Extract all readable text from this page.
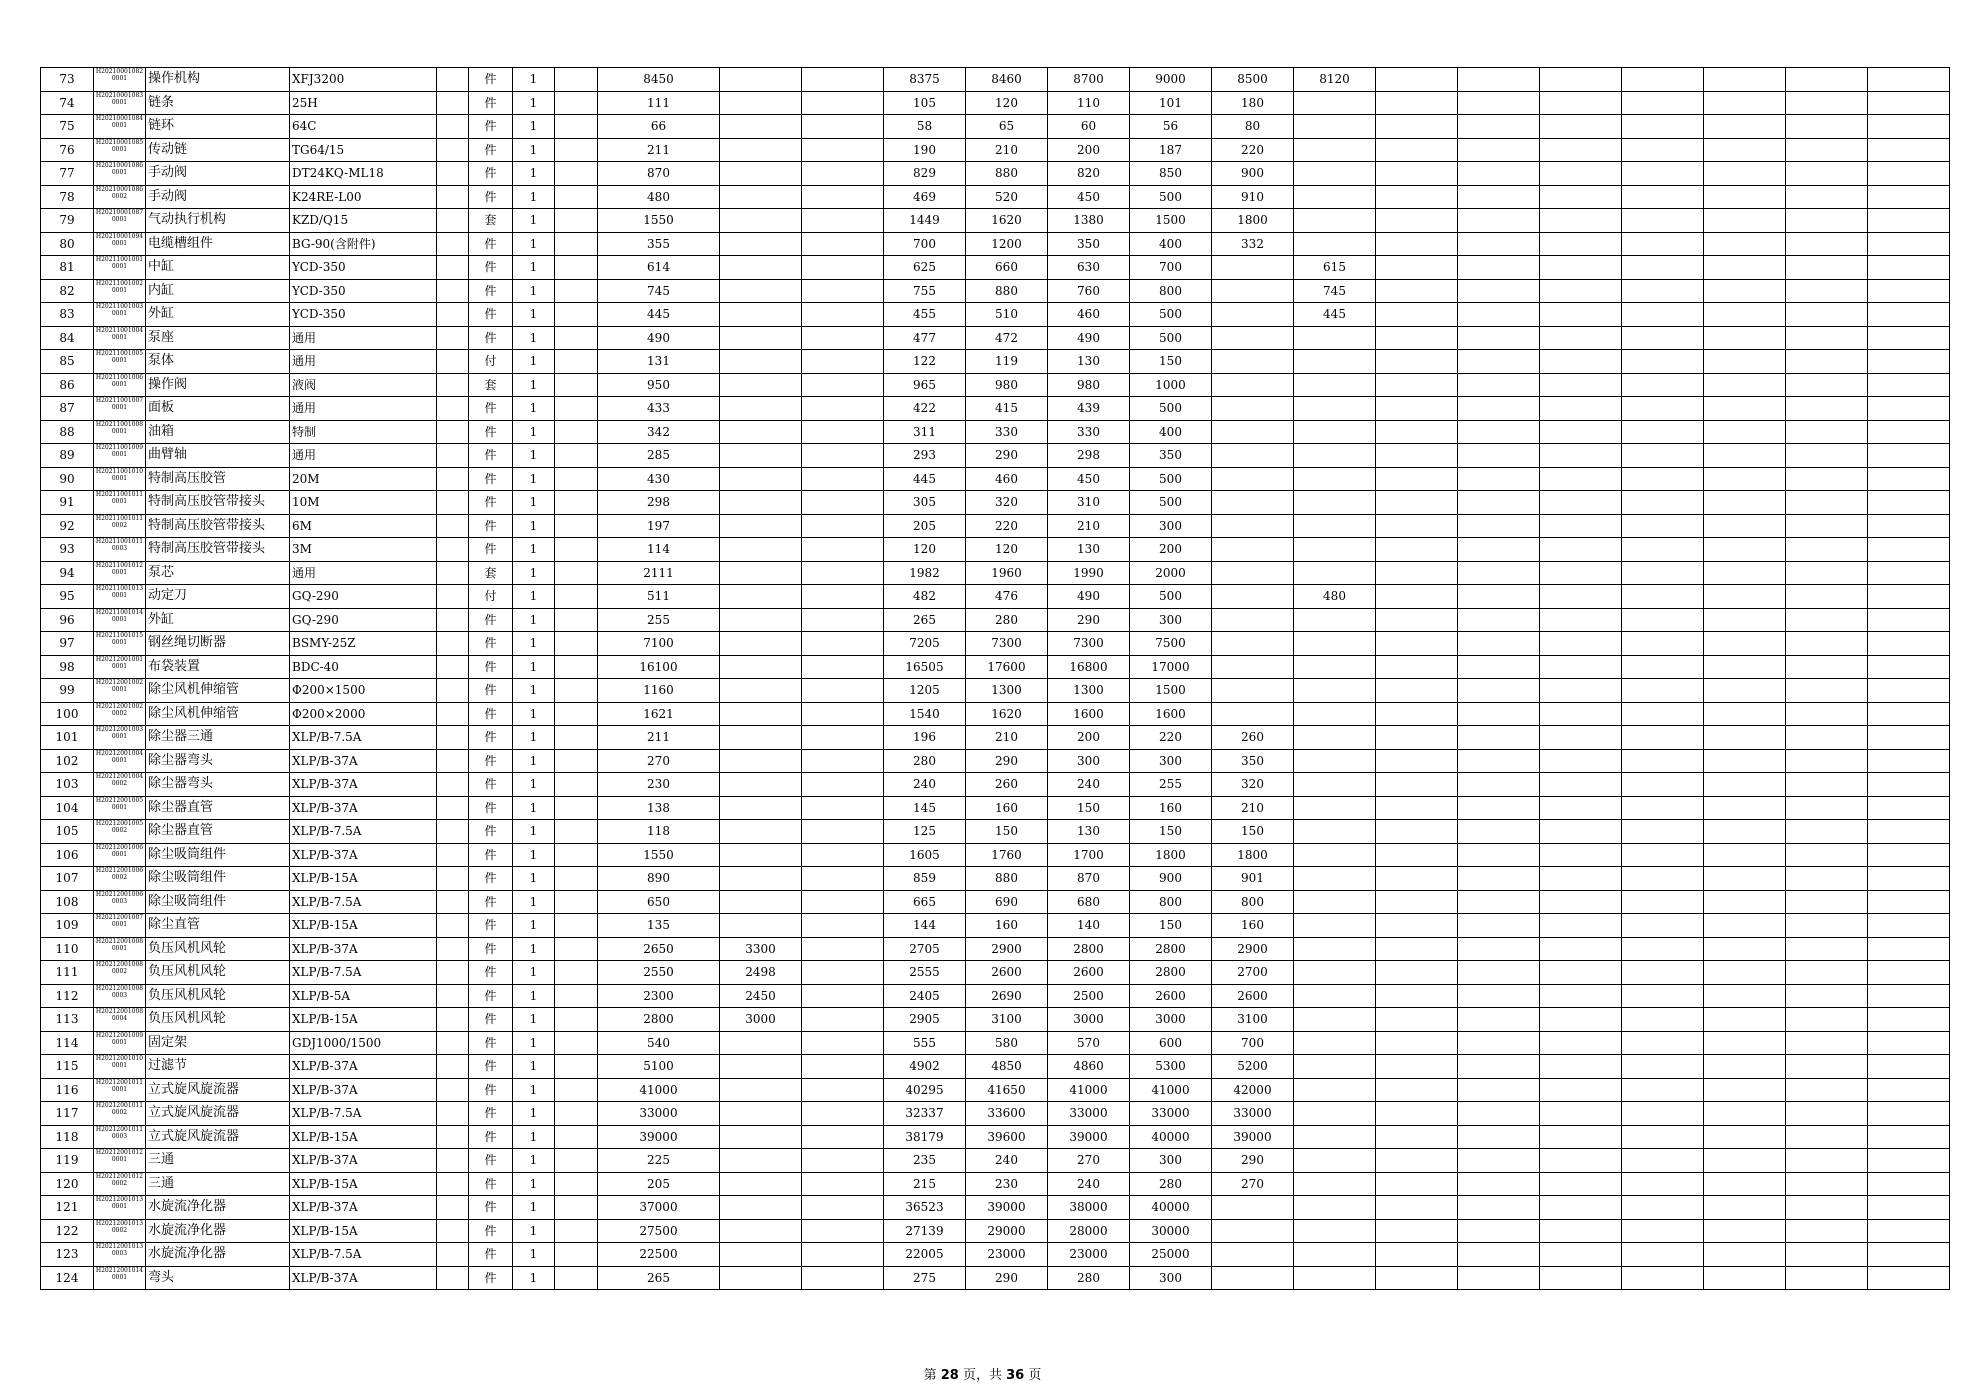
73	H202100010820001	操作机构	XFJ3200		件	1		8450			8375	8460	8700	9000	8500	8120							
74	H202100010830001	链条	25H		件	1		111			105	120	110	101	180								
75	H202100010840001	链环	64C		件	1		66			58	65	60	56	80								
76	H202100010850001	传动链	TG64/15		件	1		211			190	210	200	187	220								
77	H202100010860001	手动阀	DT24KQ-ML18		件	1		870			829	880	820	850	900								
78	H202100010860002	手动阀	K24RE-L00		件	1		480			469	520	450	500	910								
79	H202100010870001	气动执行机构	KZD/Q15		套	1		1550			1449	1620	1380	1500	1800								
80	H202100010940001	电缆槽组件	BG-90(含附件)		件	1		355			700	1200	350	400	332								
81	H202110010010001	中缸	YCD-350		件	1		614			625	660	630	700		615							
82	H202110010020001	内缸	YCD-350		件	1		745			755	880	760	800		745							
83	H202110010030001	外缸	YCD-350		件	1		445			455	510	460	500		445							
84	H202110010040001	泵座	通用		件	1		490			477	472	490	500									
85	H202110010050001	泵体	通用		付	1		131			122	119	130	150									
86	H202110010060001	操作阀	液阀		套	1		950			965	980	980	1000									
87	H202110010070001	面板	通用		件	1		433			422	415	439	500									
88	H202110010080001	油箱	特制		件	1		342			311	330	330	400									
89	H202110010090001	曲臂轴	通用		件	1		285			293	290	298	350									
90	H202110010100001	特制高压胶管	20M		件	1		430			445	460	450	500									
91	H202110010110001	特制高压胶管带接头	10M		件	1		298			305	320	310	500									
92	H202110010110002	特制高压胶管带接头	6M		件	1		197			205	220	210	300									
93	H202110010110003	特制高压胶管带接头	3M		件	1		114			120	120	130	200									
94	H202110010120001	泵芯	通用		套	1		2111			1982	1960	1990	2000									
95	H202110010130001	动定刀	GQ-290		付	1		511			482	476	490	500		480							
96	H202110010140001	外缸	GQ-290		件	1		255			265	280	290	300									
97	H202110010150001	钢丝绳切断器	BSMY-25Z		件	1		7100			7205	7300	7300	7500									
98	H202120010010001	布袋装置	BDC-40		件	1		16100			16505	17600	16800	17000									
99	H202120010020001	除尘风机伸缩管	Φ200×1500		件	1		1160			1205	1300	1300	1500									
100	H202120010020002	除尘风机伸缩管	Φ200×2000		件	1		1621			1540	1620	1600	1600									
101	H202120010030001	除尘器三通	XLP/B-7.5A		件	1		211			196	210	200	220	260								
102	H202120010040001	除尘器弯头	XLP/B-37A		件	1		270			280	290	300	300	350								
103	H202120010040002	除尘器弯头	XLP/B-37A		件	1		230			240	260	240	255	320								
104	H202120010050001	除尘器直管	XLP/B-37A		件	1		138			145	160	150	160	210								
105	H202120010050002	除尘器直管	XLP/B-7.5A		件	1		118			125	150	130	150	150								
106	H202120010060001	除尘吸筒组件	XLP/B-37A		件	1		1550			1605	1760	1700	1800	1800								
107	H202120010060002	除尘吸筒组件	XLP/B-15A		件	1		890			859	880	870	900	901								
108	H202120010060003	除尘吸筒组件	XLP/B-7.5A		件	1		650			665	690	680	800	800								
109	H202120010070001	除尘直管	XLP/B-15A		件	1		135			144	160	140	150	160								
110	H202120010080001	负压风机风轮	XLP/B-37A		件	1		2650	3300		2705	2900	2800	2800	2900								
111	H202120010080002	负压风机风轮	XLP/B-7.5A		件	1		2550	2498		2555	2600	2600	2800	2700								
112	H202120010080003	负压风机风轮	XLP/B-5A		件	1		2300	2450		2405	2690	2500	2600	2600								
113	H202120010080004	负压风机风轮	XLP/B-15A		件	1		2800	3000		2905	3100	3000	3000	3100								
114	H202120010090001	固定架	GDJ1000/1500		件	1		540			555	580	570	600	700								
115	H202120010100001	过滤节	XLP/B-37A		件	1		5100			4902	4850	4860	5300	5200								
116	H202120010110001	立式旋风旋流器	XLP/B-37A		件	1		41000			40295	41650	41000	41000	42000								
117	H202120010110002	立式旋风旋流器	XLP/B-7.5A		件	1		33000			32337	33600	33000	33000	33000								
118	H202120010110003	立式旋风旋流器	XLP/B-15A		件	1		39000			38179	39600	39000	40000	39000								
119	H202120010120001	三通	XLP/B-37A		件	1		225			235	240	270	300	290								
120	H202120010120002	三通	XLP/B-15A		件	1		205			215	230	240	280	270								
121	H202120010130001	水旋流净化器	XLP/B-37A		件	1		37000			36523	39000	38000	40000									
122	H202120010130002	水旋流净化器	XLP/B-15A		件	1		27500			27139	29000	28000	30000									
123	H202120010130003	水旋流净化器	XLP/B-7.5A		件	1		22500			22005	23000	23000	25000									
124	H202120010140001	弯头	XLP/B-37A		件	1		265			275	290	280	300									
第 28 页，共 36 页
